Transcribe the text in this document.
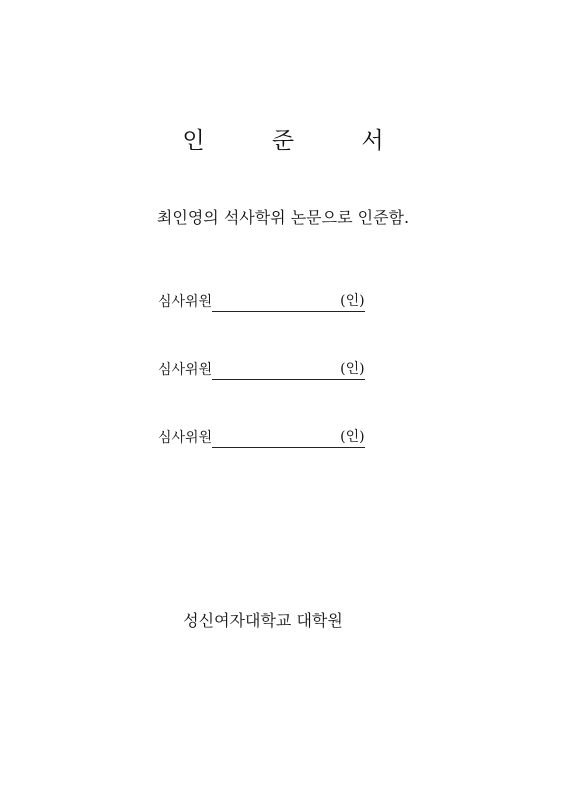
인 준 서

최인영의 석사학위 논문으로 인준함.

심사위원	(인)
심사위원	(인)
심사위원	(인)

성신여자대학교 대학원
